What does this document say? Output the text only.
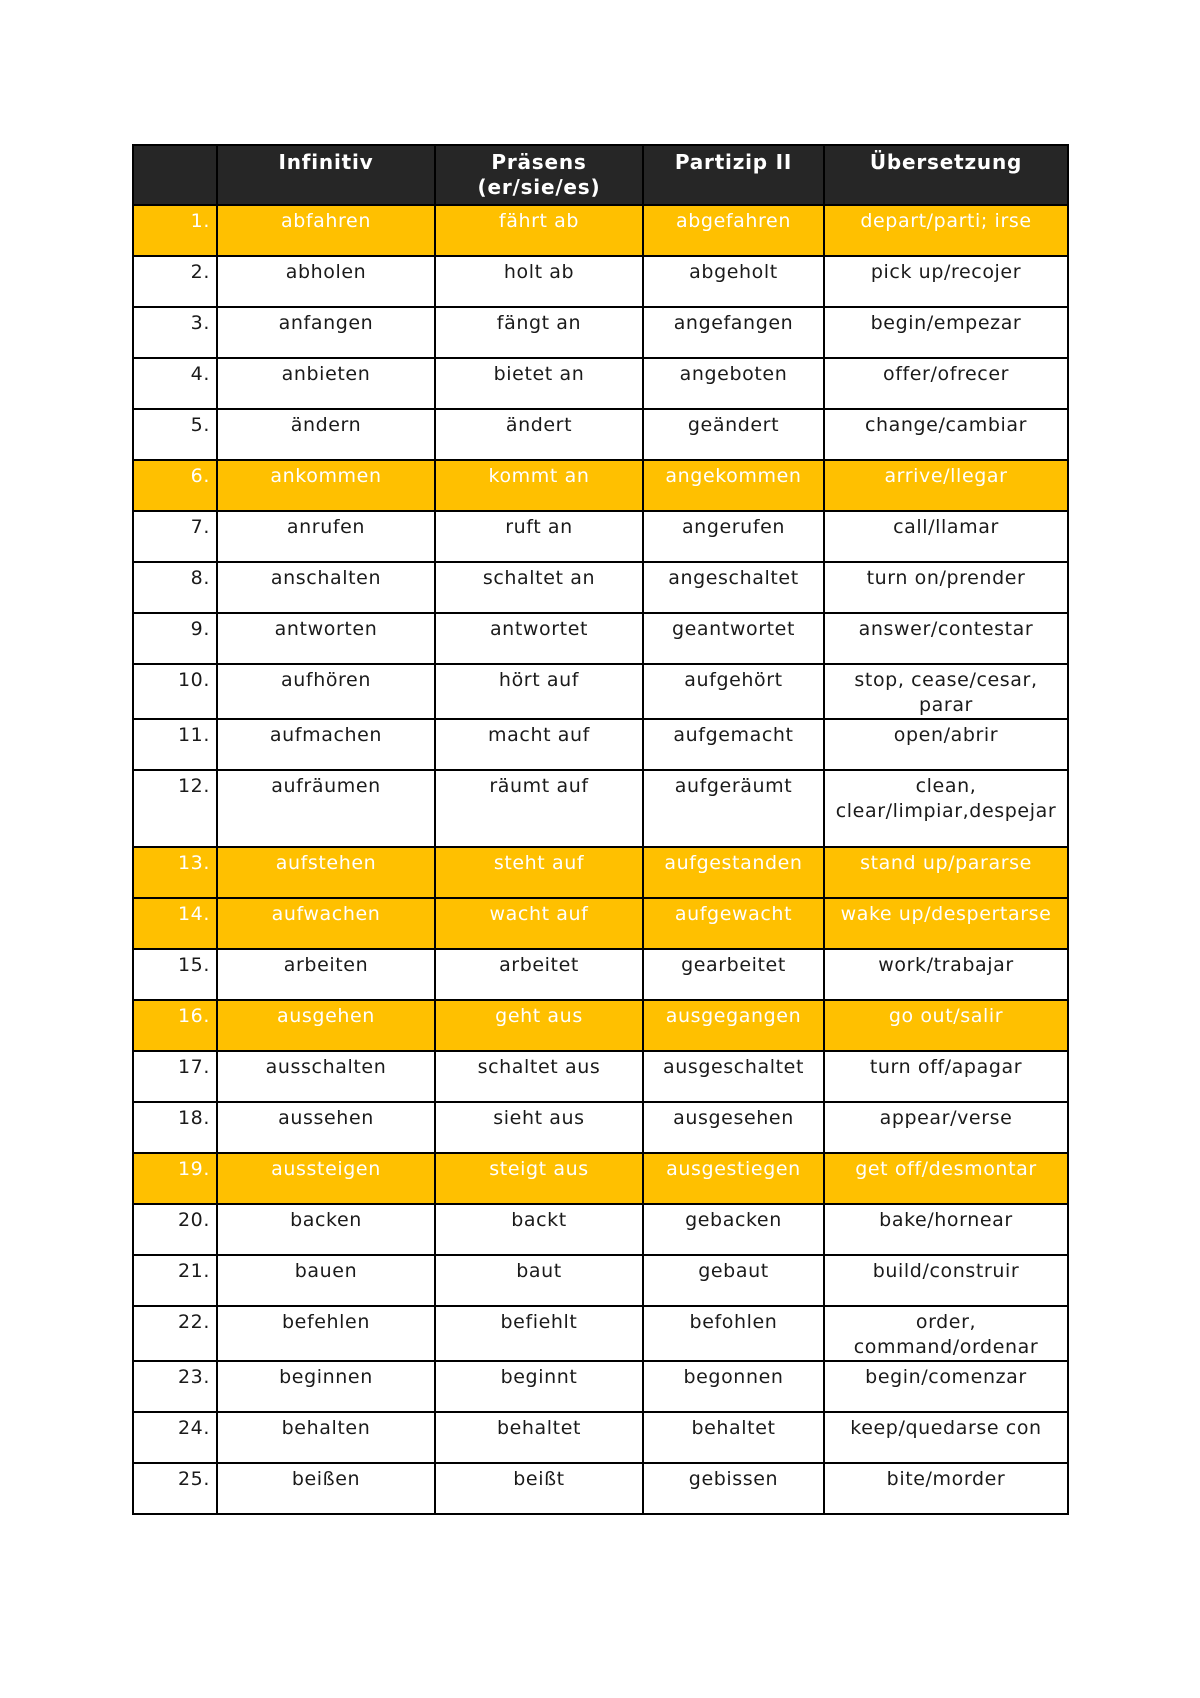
	Infinitiv	Präsens (er/sie/es)	Partizip II	Übersetzung
1.	abfahren	fährt ab	abgefahren	depart/parti; irse
2.	abholen	holt ab	abgeholt	pick up/recojer
3.	anfangen	fängt an	angefangen	begin/empezar
4.	anbieten	bietet an	angeboten	offer/ofrecer
5.	ändern	ändert	geändert	change/cambiar
6.	ankommen	kommt an	angekommen	arrive/llegar
7.	anrufen	ruft an	angerufen	call/llamar
8.	anschalten	schaltet an	angeschaltet	turn on/prender
9.	antworten	antwortet	geantwortet	answer/contestar
10.	aufhören	hört auf	aufgehört	stop, cease/cesar, parar
11.	aufmachen	macht auf	aufgemacht	open/abrir
12.	aufräumen	räumt auf	aufgeräumt	clean, clear/limpiar,despejar
13.	aufstehen	steht auf	aufgestanden	stand up/pararse
14.	aufwachen	wacht auf	aufgewacht	wake up/despertarse
15.	arbeiten	arbeitet	gearbeitet	work/trabajar
16.	ausgehen	geht aus	ausgegangen	go out/salir
17.	ausschalten	schaltet aus	ausgeschaltet	turn off/apagar
18.	aussehen	sieht aus	ausgesehen	appear/verse
19.	aussteigen	steigt aus	ausgestiegen	get off/desmontar
20.	backen	backt	gebacken	bake/hornear
21.	bauen	baut	gebaut	build/construir
22.	befehlen	befiehlt	befohlen	order, command/ordenar
23.	beginnen	beginnt	begonnen	begin/comenzar
24.	behalten	behaltet	behaltet	keep/quedarse con
25.	beißen	beißt	gebissen	bite/morder
